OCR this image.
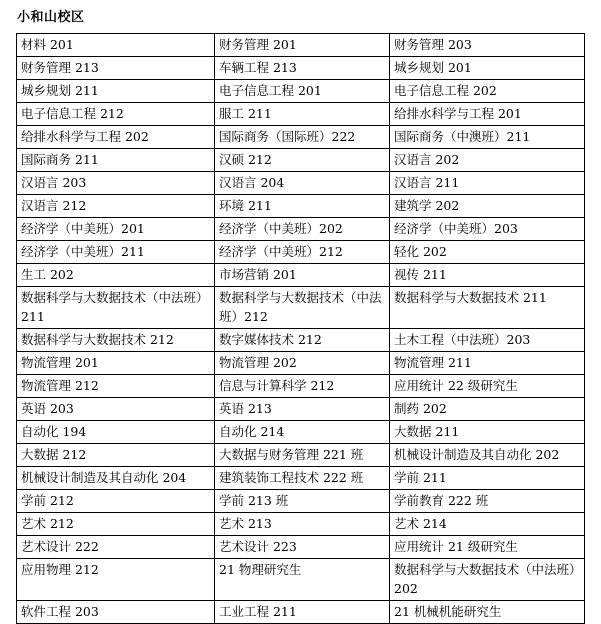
小和山校区
材料 201	财务管理 201	财务管理 203
财务管理 213	车辆工程 213	城乡规划 201
城乡规划 211	电子信息工程 201	电子信息工程 202
电子信息工程 212	服工 211	给排水科学与工程 201
给排水科学与工程 202	国际商务（国际班）222	国际商务（中澳班）211
国际商务 211	汉硕 212	汉语言 202
汉语言 203	汉语言 204	汉语言 211
汉语言 212	环境 211	建筑学 202
经济学（中美班）201	经济学（中美班）202	经济学（中美班）203
经济学（中美班）211	经济学（中美班）212	轻化 202
生工 202	市场营销 201	视传 211
数据科学与大数据技术（中法班）211	数据科学与大数据技术（中法班）212	数据科学与大数据技术 211
数据科学与大数据技术 212	数字媒体技术 212	土木工程（中法班）203
物流管理 201	物流管理 202	物流管理 211
物流管理 212	信息与计算科学 212	应用统计 22 级研究生
英语 203	英语 213	制药 202
自动化 194	自动化 214	大数据 211
大数据 212	大数据与财务管理 221 班	机械设计制造及其自动化 202
机械设计制造及其自动化 204	建筑装饰工程技术 222 班	学前 211
学前 212	学前 213 班	学前教育 222 班
艺术 212	艺术 213	艺术 214
艺术设计 222	艺术设计 223	应用统计 21 级研究生
应用物理 212	21 物理研究生	数据科学与大数据技术（中法班）202
软件工程 203	工业工程 211	21 机械机能研究生
